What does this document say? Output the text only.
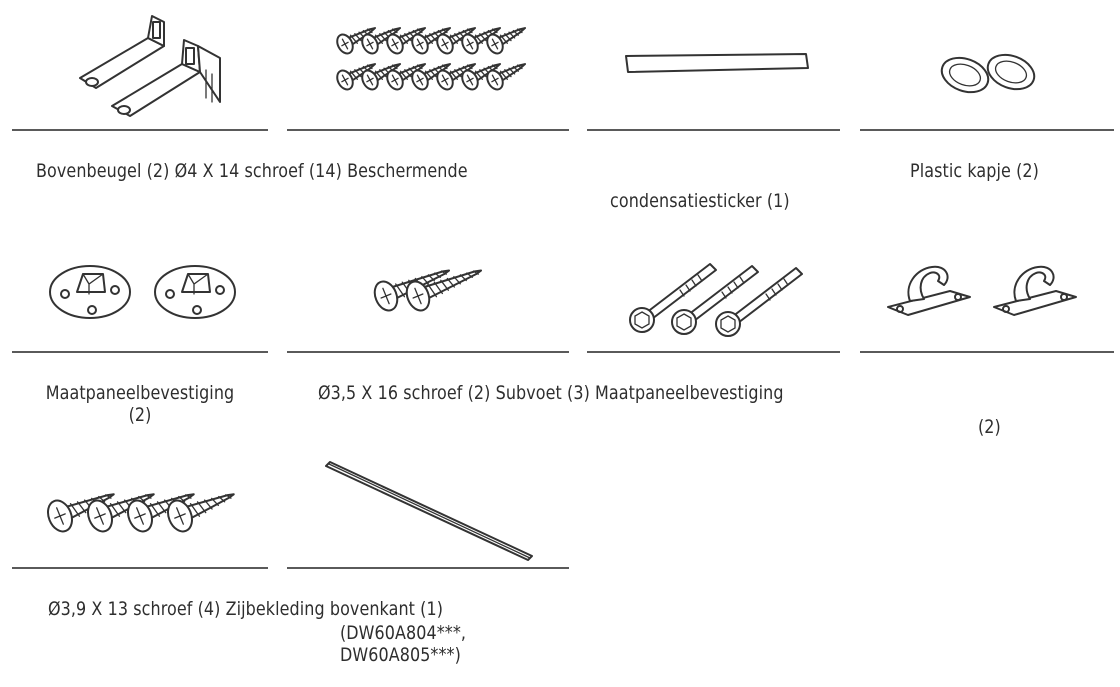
Bovenbeugel (2) Ø4 X 14 schroef (14) Beschermende
condensatiesticker (1)
Plastic kapje (2)
Maatpaneelbevestiging
(2)
Ø3,5 X 16 schroef (2) Subvoet (3) Maatpaneelbevestiging
(2)
Ø3,9 X 13 schroef (4) Zijbekleding bovenkant (1)
(DW60A804***,
DW60A805***)
